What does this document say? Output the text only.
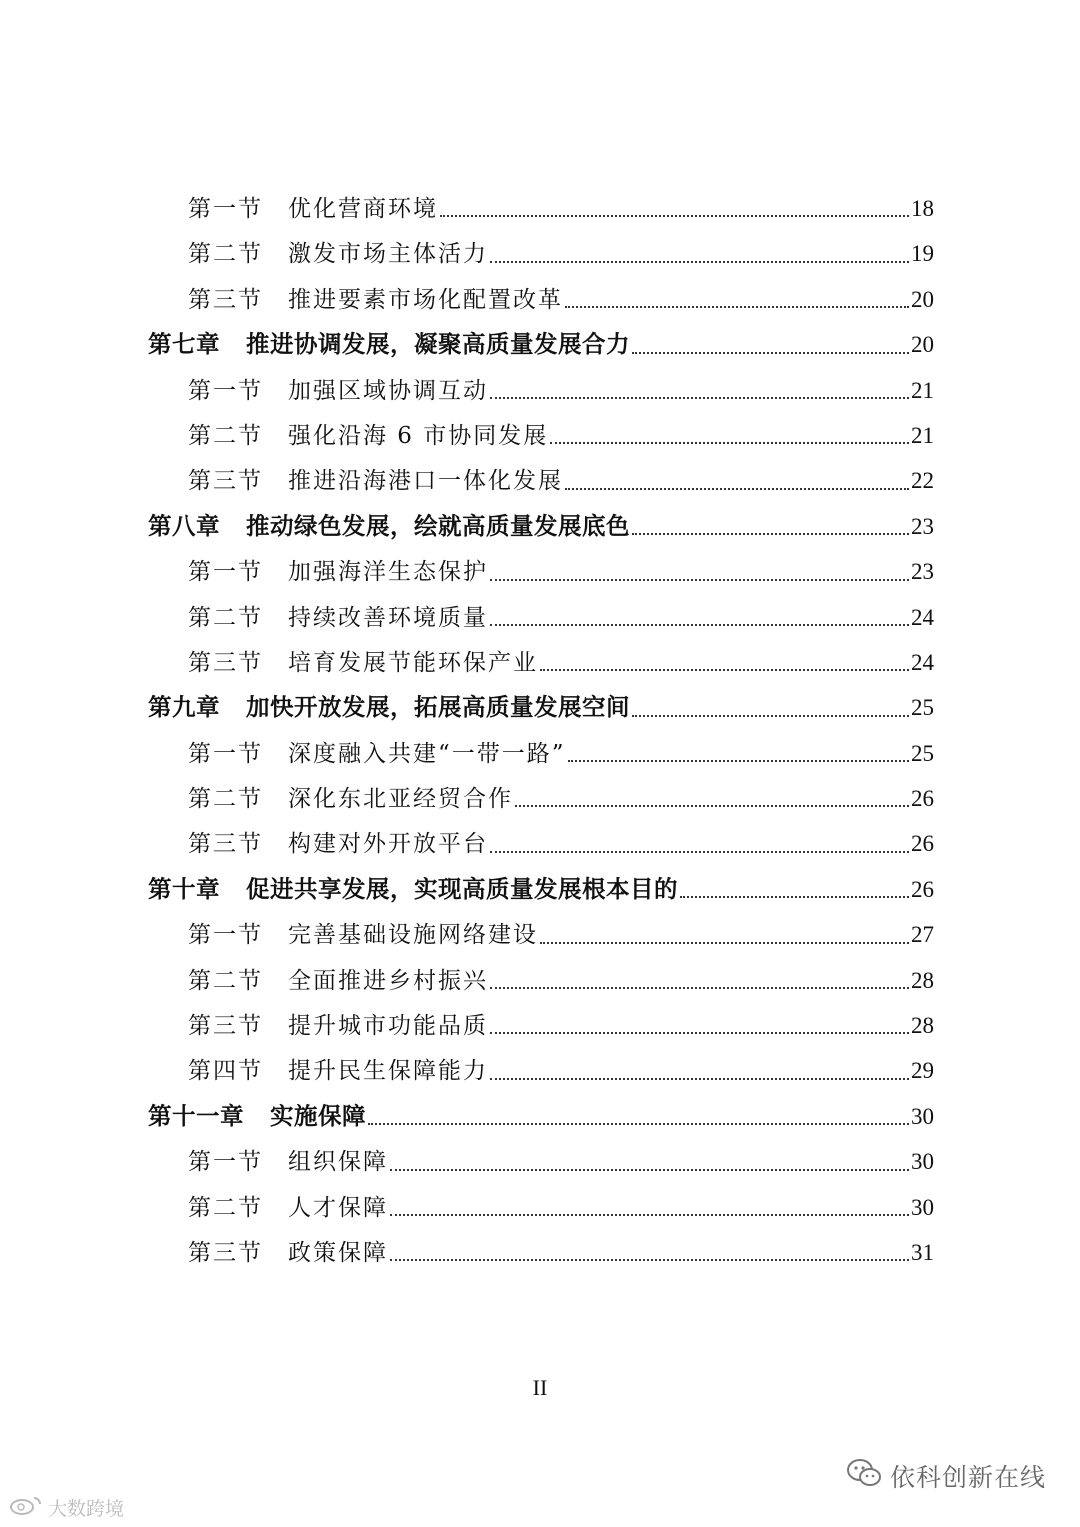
第一节	优化营商环境	18
第二节	激发市场主体活力	19
第三节	推进要素市场化配置改革	20
第七章 推进协调发展，凝聚高质量发展合力	20
第一节	加强区域协调互动	21
第二节	强化沿海 6 市协同发展	21
第三节	推进沿海港口一体化发展	22
第八章 推动绿色发展，绘就高质量发展底色	23
第一节	加强海洋生态保护	23
第二节	持续改善环境质量	24
第三节	培育发展节能环保产业	24
第九章 加快开放发展，拓展高质量发展空间	25
第一节	深度融入共建“一带一路”	25
第二节	深化东北亚经贸合作	26
第三节	构建对外开放平台	26
第十章 促进共享发展，实现高质量发展根本目的	26
第一节	完善基础设施网络建设	27
第二节	全面推进乡村振兴	28
第三节	提升城市功能品质	28
第四节	提升民生保障能力	29
第十一章 实施保障	30
第一节	组织保障	30
第二节	人才保障	30
第三节	政策保障	31
II
依科创新在线
大数跨境
